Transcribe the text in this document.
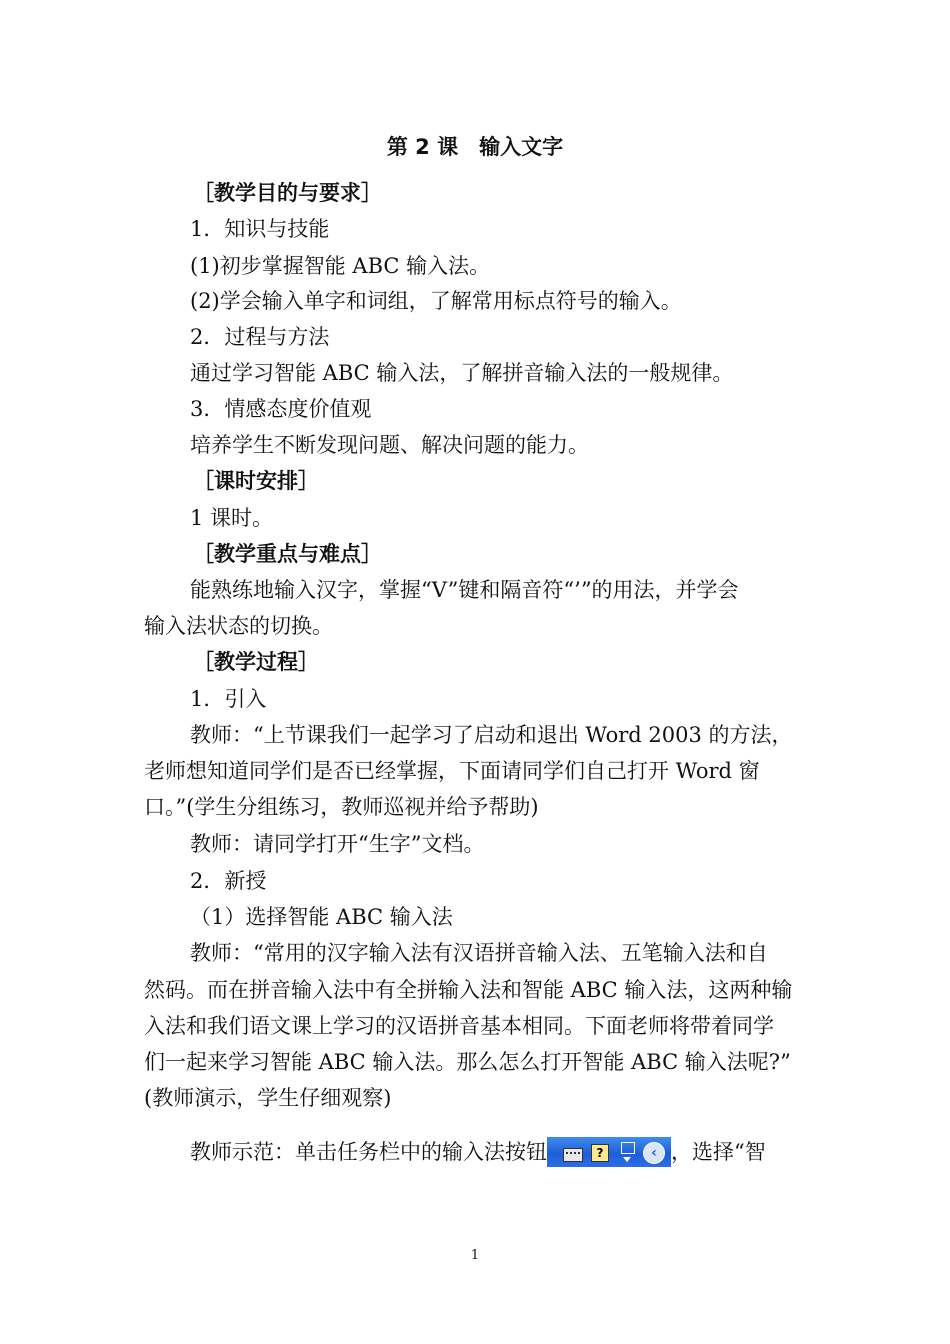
第 2 课　输入文字
［教学目的与要求］
1．知识与技能
(1)初步掌握智能 ABC 输入法。
(2)学会输入单字和词组，了解常用标点符号的输入。
2．过程与方法
通过学习智能 ABC 输入法，了解拼音输入法的一般规律。
3．情感态度价值观
培养学生不断发现问题、解决问题的能力。
［课时安排］
1 课时。
［教学重点与难点］
能熟练地输入汉字，掌握“V”键和隔音符“’”的用法，并学会
输入法状态的切换。
［教学过程］
1．引入
教师：“上节课我们一起学习了启动和退出 Word 2003 的方法，
老师想知道同学们是否已经掌握，下面请同学们自己打开 Word 窗
口。”(学生分组练习，教师巡视并给予帮助)
教师：请同学打开“生字”文档。
2．新授
（1）选择智能 ABC 输入法
教师：“常用的汉字输入法有汉语拼音输入法、五笔输入法和自
然码。而在拼音输入法中有全拼输入法和智能 ABC 输入法，这两种输
入法和我们语文课上学习的汉语拼音基本相同。下面老师将带着同学
们一起来学习智能 ABC 输入法。那么怎么打开智能 ABC 输入法呢?”
(教师演示，学生仔细观察)
教师示范：单击任务栏中的输入法按钮	?	‹ ，选择“智
1
